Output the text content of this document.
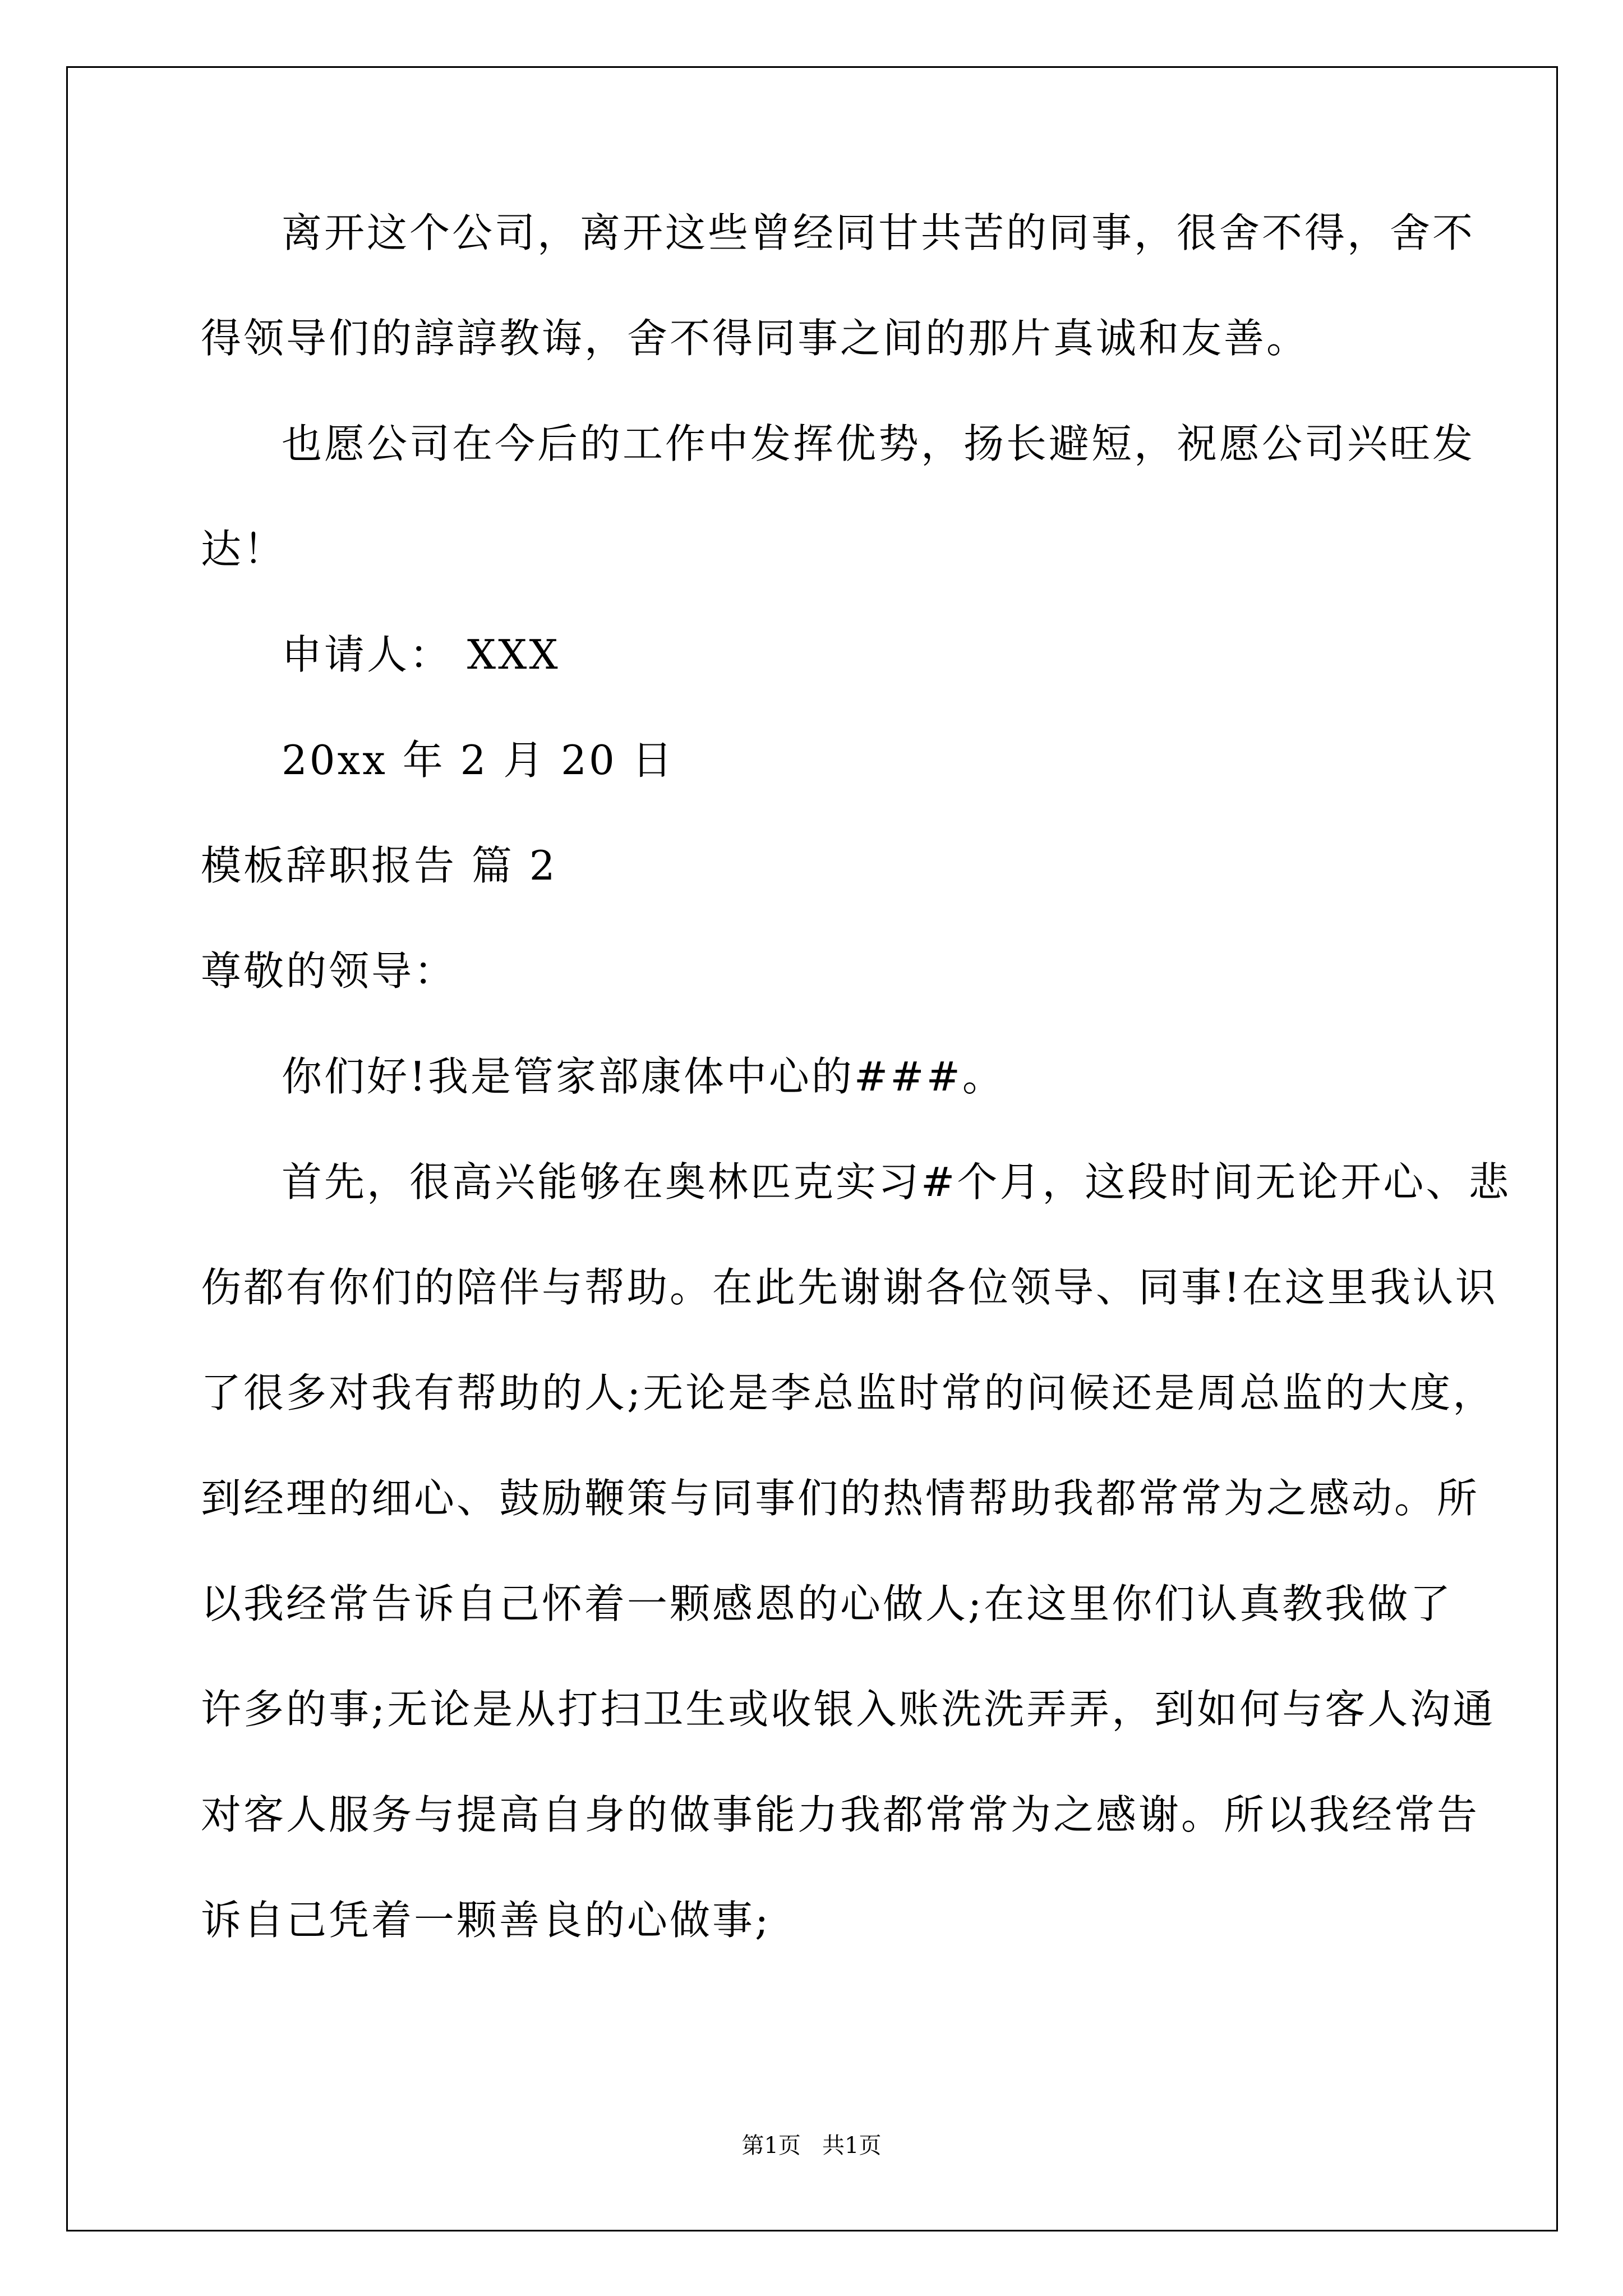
离开这个公司，离开这些曾经同甘共苦的同事，很舍不得，舍不
得领导们的諄諄教诲，舍不得同事之间的那片真诚和友善。
也愿公司在今后的工作中发挥优势，扬长避短，祝愿公司兴旺发
达！
申请人： XXX
20xx 年 2 月 20 日
模板辞职报告 篇 2
尊敬的领导：
你们好!我是管家部康体中心的###。
首先，很高兴能够在奥林匹克实习#个月，这段时间无论开心、悲
伤都有你们的陪伴与帮助。在此先谢谢各位领导、同事!在这里我认识
了很多对我有帮助的人;无论是李总监时常的问候还是周总监的大度，
到经理的细心、鼓励鞭策与同事们的热情帮助我都常常为之感动。所
以我经常告诉自己怀着一颗感恩的心做人;在这里你们认真教我做了
许多的事;无论是从打扫卫生或收银入账洗洗弄弄，到如何与客人沟通
对客人服务与提高自身的做事能力我都常常为之感谢。所以我经常告
诉自己凭着一颗善良的心做事;
第1页   共1页
